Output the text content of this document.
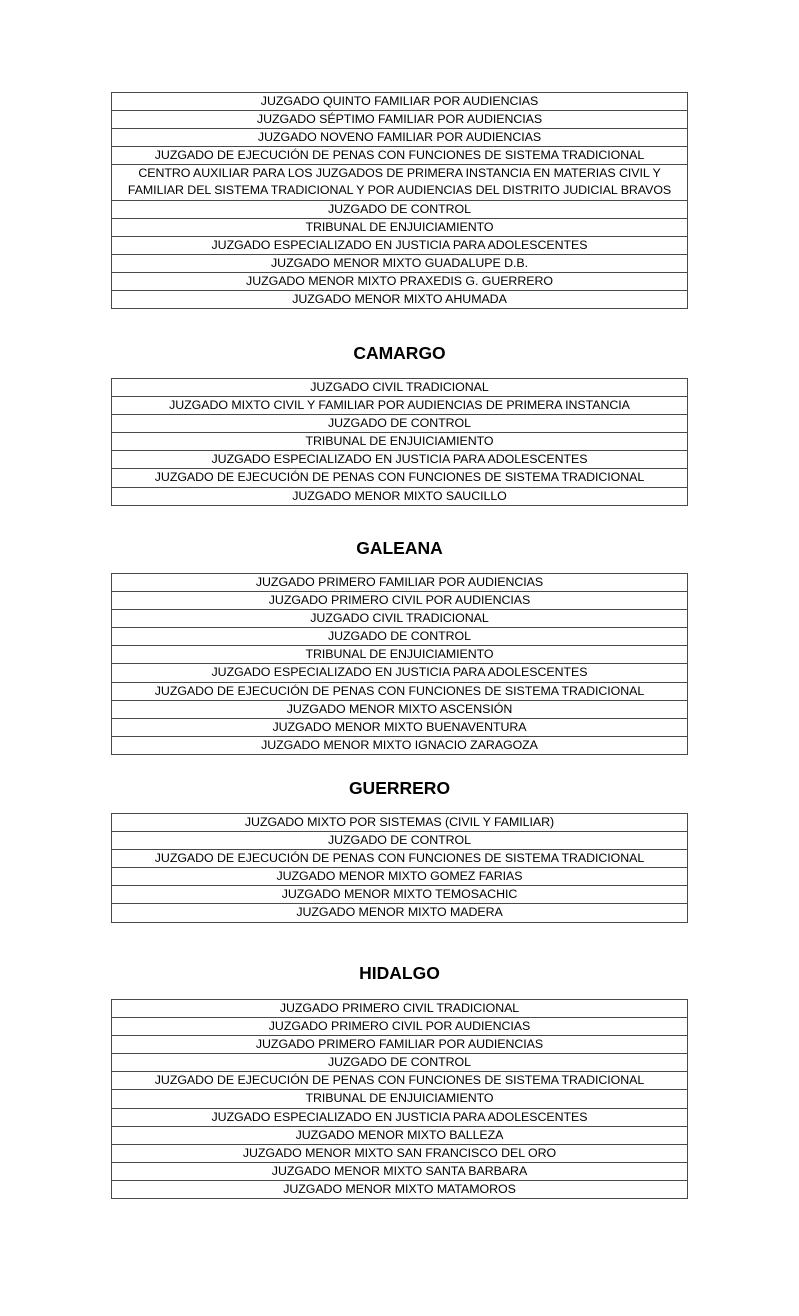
JUZGADO QUINTO FAMILIAR POR AUDIENCIAS
JUZGADO SÉPTIMO FAMILIAR POR AUDIENCIAS
JUZGADO NOVENO FAMILIAR POR AUDIENCIAS
JUZGADO DE EJECUCIÓN DE PENAS CON FUNCIONES DE SISTEMA TRADICIONAL
CENTRO AUXILIAR PARA LOS JUZGADOS DE PRIMERA INSTANCIA EN MATERIAS CIVIL Y FAMILIAR DEL SISTEMA TRADICIONAL Y POR AUDIENCIAS DEL DISTRITO JUDICIAL BRAVOS
JUZGADO DE CONTROL
TRIBUNAL DE ENJUICIAMIENTO
JUZGADO ESPECIALIZADO EN JUSTICIA PARA ADOLESCENTES
JUZGADO MENOR MIXTO GUADALUPE D.B.
JUZGADO MENOR MIXTO PRAXEDIS G. GUERRERO
JUZGADO MENOR MIXTO AHUMADA
CAMARGO
JUZGADO CIVIL TRADICIONAL
JUZGADO MIXTO CIVIL Y FAMILIAR POR AUDIENCIAS DE PRIMERA INSTANCIA
JUZGADO DE CONTROL
TRIBUNAL DE ENJUICIAMIENTO
JUZGADO ESPECIALIZADO EN JUSTICIA PARA ADOLESCENTES
JUZGADO DE EJECUCIÓN DE PENAS CON FUNCIONES DE SISTEMA TRADICIONAL
JUZGADO MENOR MIXTO SAUCILLO
GALEANA
JUZGADO PRIMERO FAMILIAR POR AUDIENCIAS
JUZGADO PRIMERO CIVIL POR AUDIENCIAS
JUZGADO CIVIL TRADICIONAL
JUZGADO DE CONTROL
TRIBUNAL DE ENJUICIAMIENTO
JUZGADO ESPECIALIZADO EN JUSTICIA PARA ADOLESCENTES
JUZGADO DE EJECUCIÓN DE PENAS CON FUNCIONES DE SISTEMA TRADICIONAL
JUZGADO MENOR MIXTO ASCENSIÓN
JUZGADO MENOR MIXTO BUENAVENTURA
JUZGADO MENOR MIXTO IGNACIO ZARAGOZA
GUERRERO
JUZGADO MIXTO POR SISTEMAS (CIVIL Y FAMILIAR)
JUZGADO DE CONTROL
JUZGADO DE EJECUCIÓN DE PENAS CON FUNCIONES DE SISTEMA TRADICIONAL
JUZGADO MENOR MIXTO GOMEZ FARIAS
JUZGADO MENOR MIXTO TEMOSACHIC
JUZGADO MENOR MIXTO MADERA
HIDALGO
JUZGADO PRIMERO CIVIL TRADICIONAL
JUZGADO PRIMERO CIVIL POR AUDIENCIAS
JUZGADO PRIMERO FAMILIAR POR AUDIENCIAS
JUZGADO DE CONTROL
JUZGADO DE EJECUCIÓN DE PENAS CON FUNCIONES DE SISTEMA TRADICIONAL
TRIBUNAL DE ENJUICIAMIENTO
JUZGADO ESPECIALIZADO EN JUSTICIA PARA ADOLESCENTES
JUZGADO MENOR MIXTO BALLEZA
JUZGADO MENOR MIXTO SAN FRANCISCO DEL ORO
JUZGADO MENOR MIXTO SANTA BARBARA
JUZGADO MENOR MIXTO MATAMOROS
